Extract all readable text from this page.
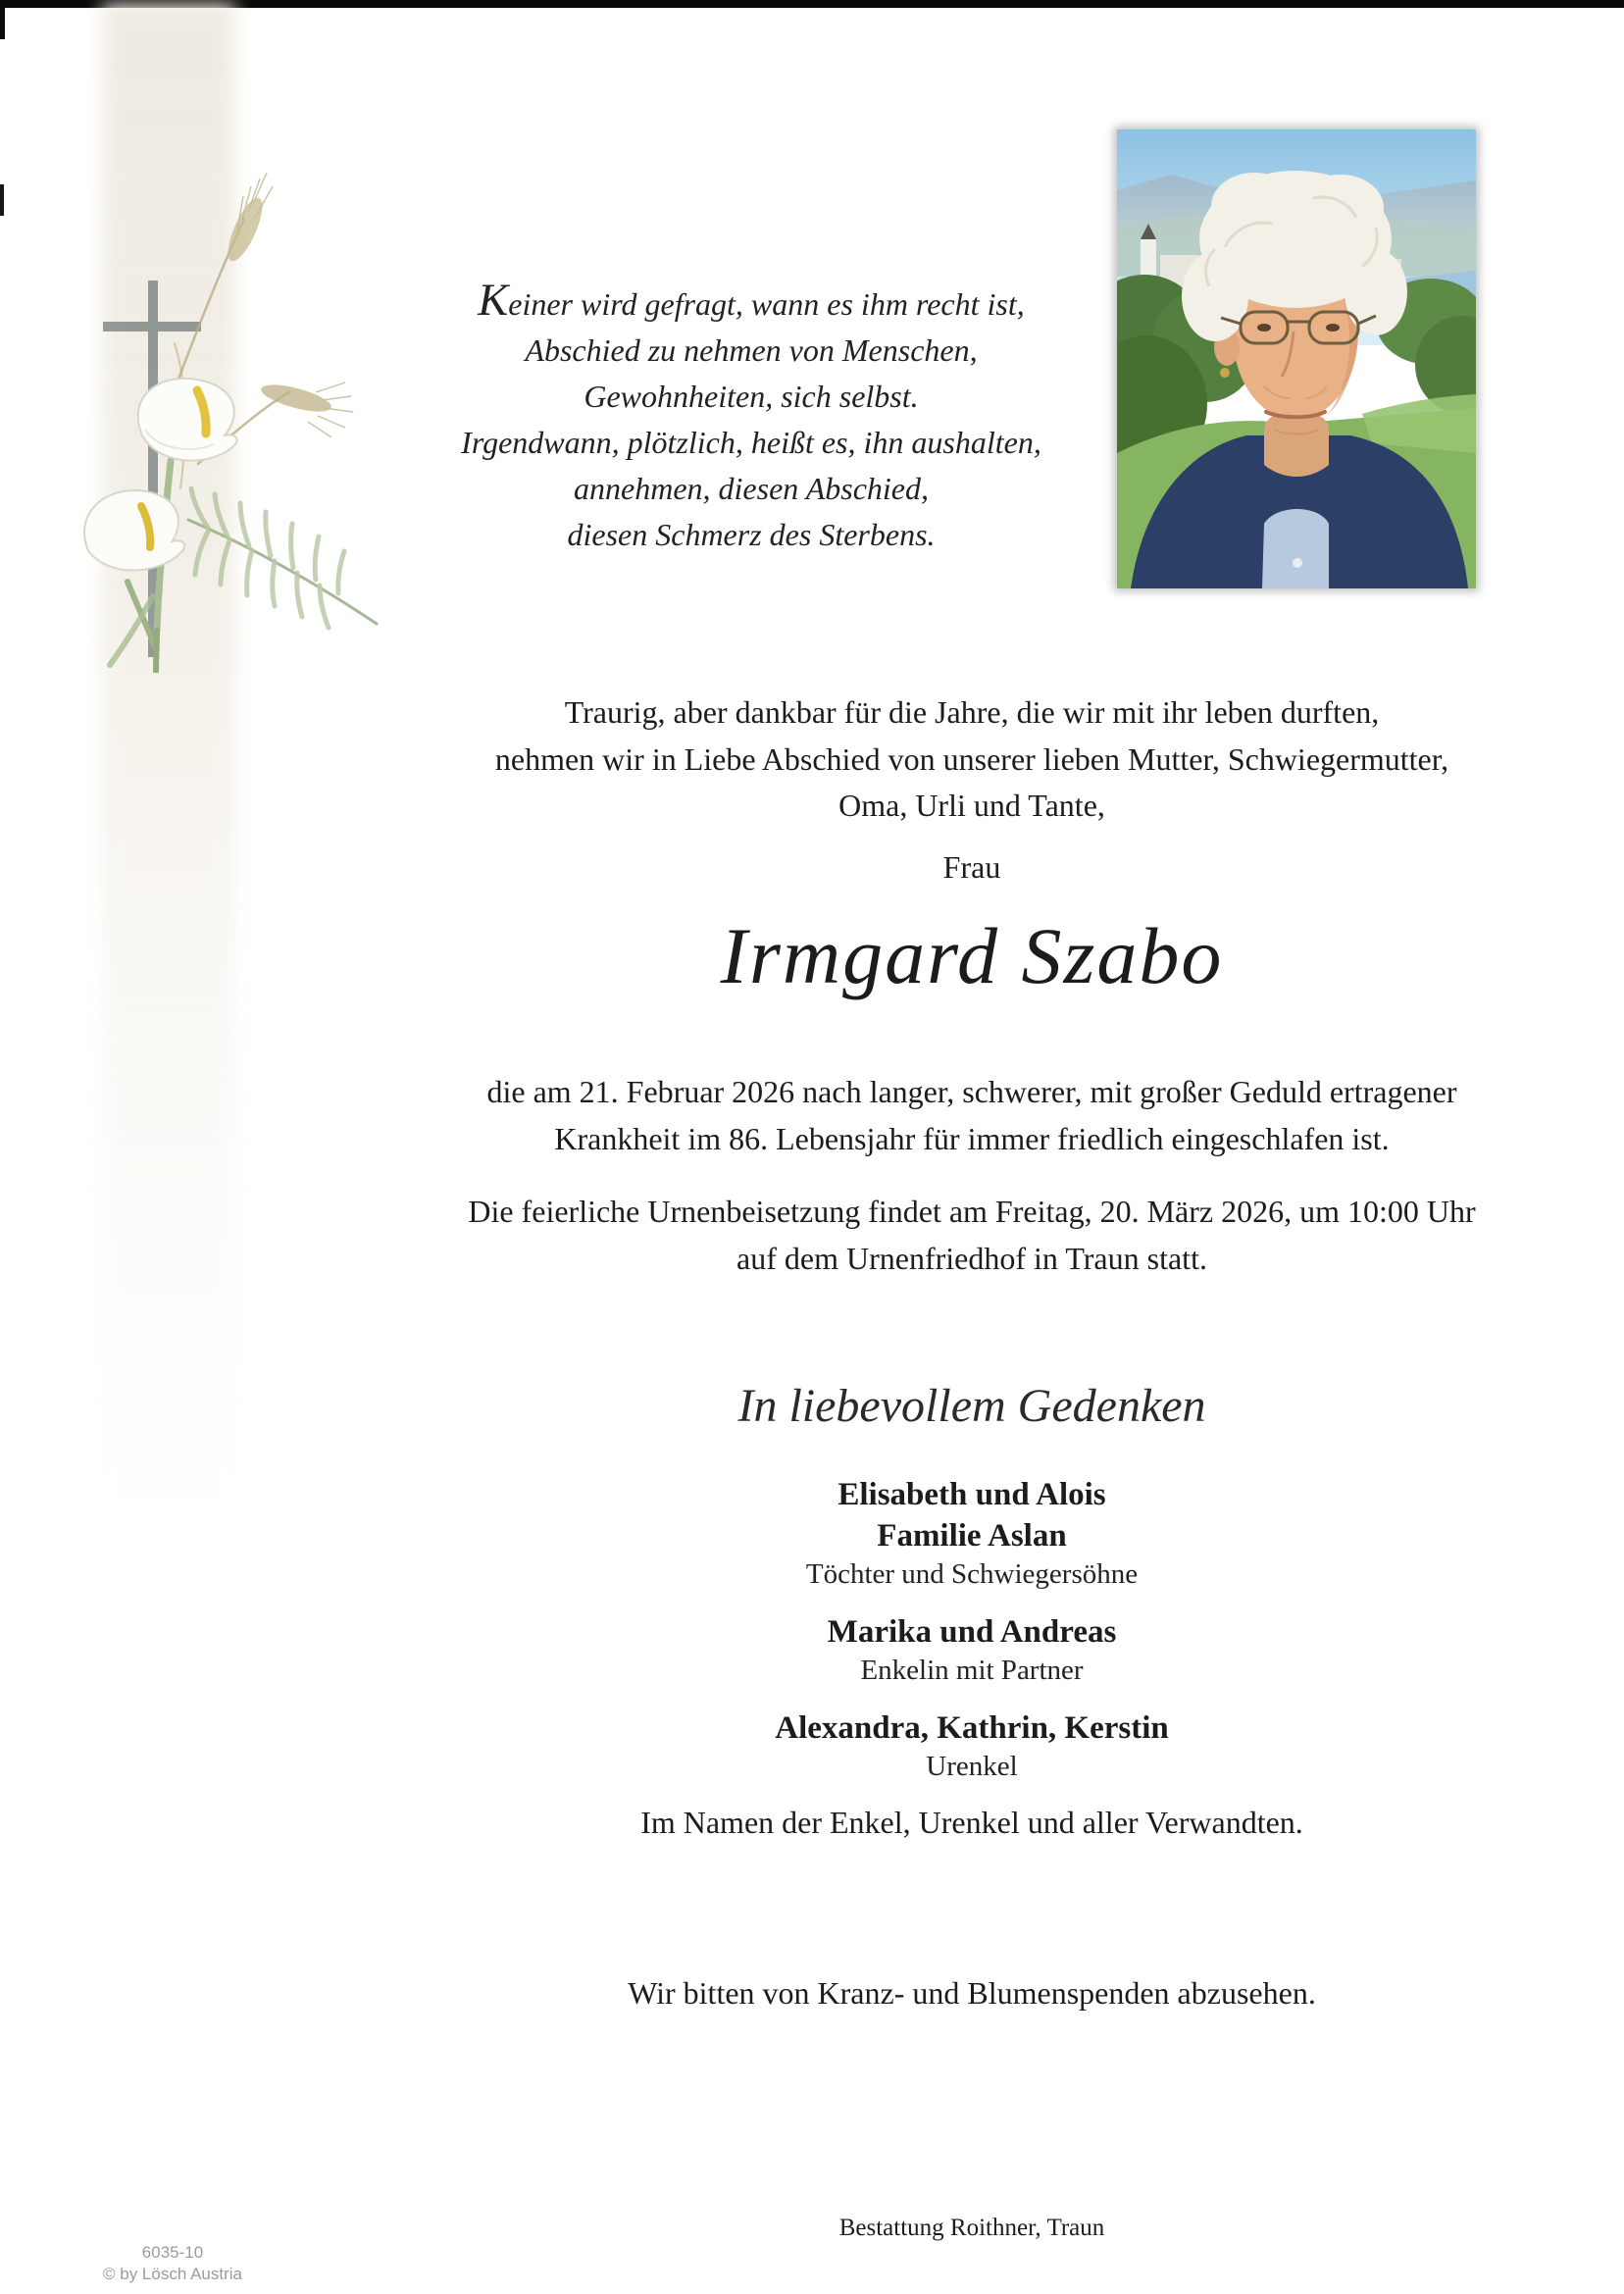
Keiner wird gefragt, wann es ihm recht ist,
Abschied zu nehmen von Menschen,
Gewohnheiten, sich selbst.
Irgendwann, plötzlich, heißt es, ihn aushalten,
annehmen, diesen Abschied,
diesen Schmerz des Sterbens.
Traurig, aber dankbar für die Jahre, die wir mit ihr leben durften,
nehmen wir in Liebe Abschied von unserer lieben Mutter, Schwiegermutter,
Oma, Urli und Tante,
Frau
Irmgard Szabo
die am 21. Februar 2026 nach langer, schwerer, mit großer Geduld ertragener
Krankheit im 86. Lebensjahr für immer friedlich eingeschlafen ist.
Die feierliche Urnenbeisetzung findet am Freitag, 20. März 2026, um 10:00 Uhr
auf dem Urnenfriedhof in Traun statt.
In liebevollem Gedenken
Elisabeth und Alois
Familie Aslan
Töchter und Schwiegersöhne
Marika und Andreas
Enkelin mit Partner
Alexandra, Kathrin, Kerstin
Urenkel
Im Namen der Enkel, Urenkel und aller Verwandten.
Wir bitten von Kranz- und Blumenspenden abzusehen.
Bestattung Roithner, Traun
6035-10
© by Lösch Austria
